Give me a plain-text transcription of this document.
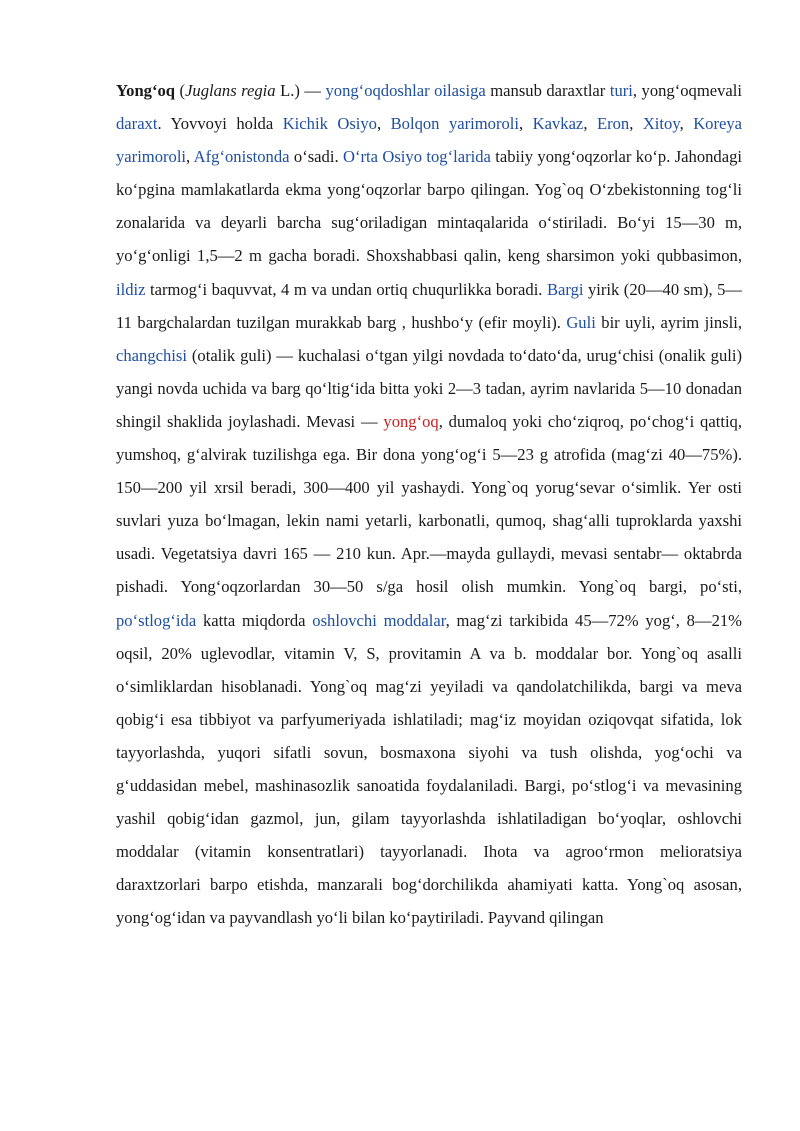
Yong‘oq (Juglans regia L.) — yong‘oqdoshlar oilasiga mansub daraxtlar turi, yong‘oqmevali daraxt. Yovvoyi holda Kichik Osiyo, Bolqon yarimoroli, Kavkaz, Eron, Xitoy, Koreya yarimoroli, Afg‘onistonda o‘sadi. O‘rta Osiyo tog‘larida tabiiy yong‘oqzorlar ko‘p. Jahondagi ko‘pgina mamlakatlarda ekma yong‘oqzorlar barpo qilingan. Yog`oq O‘zbekistonning tog‘li zonalarida va deyarli barcha sug‘oriladigan mintaqalarida o‘stiriladi. Bo‘yi 15—30 m, yo‘g‘onligi 1,5—2 m gacha boradi. Shoxshabbasi qalin, keng sharsimon yoki qubbasimon, ildiz tarmog‘i baquvvat, 4 m va undan ortiq chuqurlikka boradi. Bargi yirik (20—40 sm), 5—11 bargchalardan tuzilgan murakkab barg , hushbo‘y (efir moyli). Guli bir uyli, ayrim jinsli, changchisi (otalik guli) — kuchalasi o‘tgan yilgi novdada to‘dato‘da, urug‘chisi (onalik guli) yangi novda uchida va barg qo‘ltig‘ida bitta yoki 2—3 tadan, ayrim navlarida 5—10 donadan shingil shaklida joylashadi. Mevasi — yong‘oq, dumaloq yoki cho‘ziqroq, po‘chog‘i qattiq, yumshoq, g‘alvirak tuzilishga ega. Bir dona yong‘og‘i 5—23 g atrofida (mag‘zi 40—75%). 150—200 yil xrsil beradi, 300—400 yil yashaydi. Yong`oq yorug‘sevar o‘simlik. Yer osti suvlari yuza bo‘lmagan, lekin nami yetarli, karbonatli, qumoq, shag‘alli tuproklarda yaxshi usadi. Vegetatsiya davri 165 — 210 kun. Apr.—mayda gullaydi, mevasi sentabr— oktabrda pishadi. Yong‘oqzorlardan 30—50 s/ga hosil olish mumkin. Yong`oq bargi, po‘sti, po‘stlog‘ida katta miqdorda oshlovchi moddalar, mag‘zi tarkibida 45—72% yog‘, 8—21% oqsil, 20% uglevodlar, vitamin V, S, provitamin A va b. moddalar bor. Yong`oq asalli o‘simliklardan hisoblanadi. Yong`oq mag‘zi yeyiladi va qandolatchilikda, bargi va meva qobig‘i esa tibbiyot va parfyumeriyada ishlatiladi; mag‘iz moyidan oziqovqat sifatida, lok tayyorlashda, yuqori sifatli sovun, bosmaxona siyohi va tush olishda, yog‘ochi va g‘uddasidan mebel, mashinasozlik sanoatida foydalaniladi. Bargi, po‘stlog‘i va mevasining yashil qobig‘idan gazmol, jun, gilam tayyorlashda ishlatiladigan bo‘yoqlar, oshlovchi moddalar (vitamin konsentratlari) tayyorlanadi. Ihota va agroo‘rmon melioratsiya daraxtzorlari barpo etishda, manzarali bog‘dorchilikda ahamiyati katta. Yong`oq asosan, yong‘og‘idan va payvandlash yo‘li bilan ko‘paytiriladi. Payvand qilingan
